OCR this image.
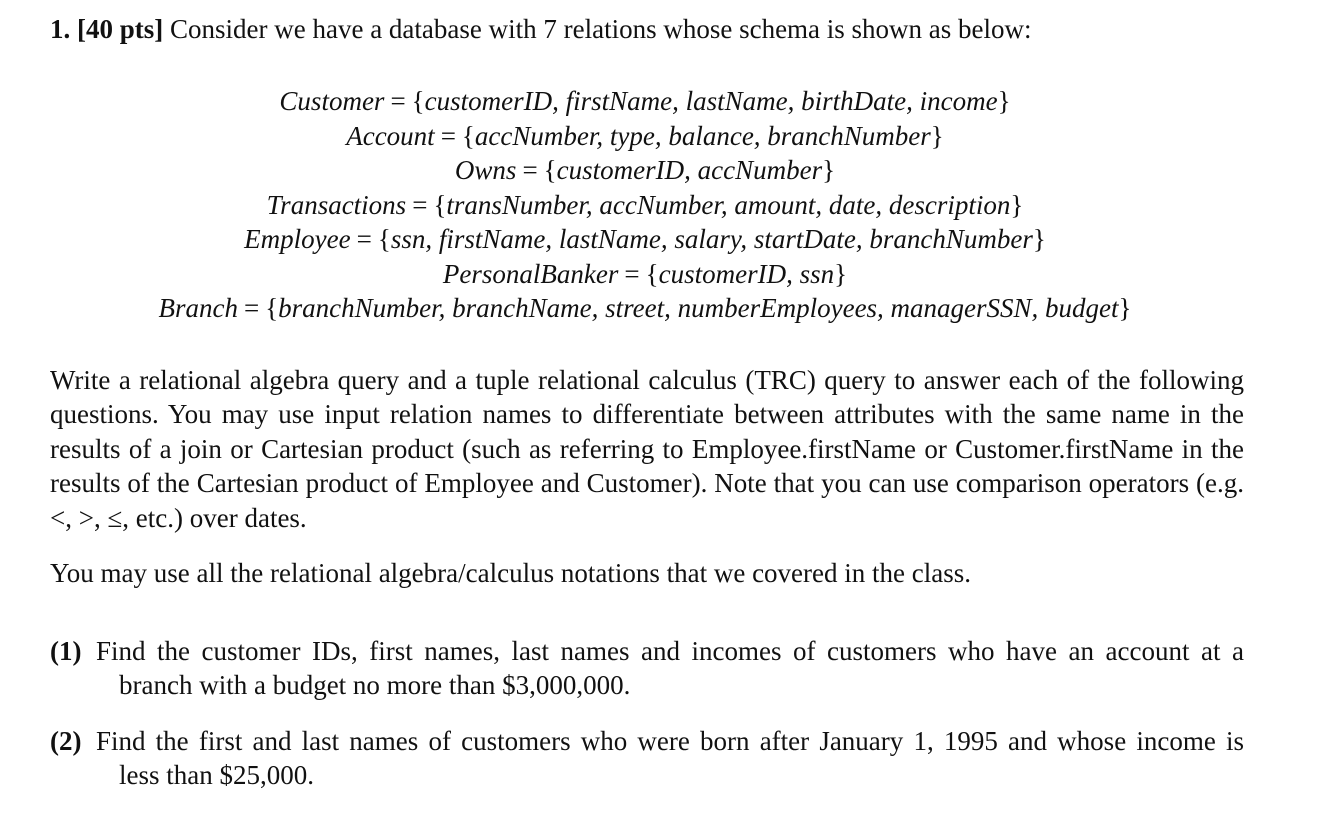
1. [40 pts] Consider we have a database with 7 relations whose schema is shown as below:
Customer = {customerID, firstName, lastName, birthDate, income}
Account = {accNumber, type, balance, branchNumber}
Owns = {customerID, accNumber}
Transactions = {transNumber, accNumber, amount, date, description}
Employee = {ssn, firstName, lastName, salary, startDate, branchNumber}
PersonalBanker = {customerID, ssn}
Branch = {branchNumber, branchName, street, numberEmployees, managerSSN, budget}
Write a relational algebra query and a tuple relational calculus (TRC) query to answer each of the following questions. You may use input relation names to differentiate between attributes with the same name in the results of a join or Cartesian product (such as referring to Employee.firstName or Customer.firstName in the results of the Cartesian product of Employee and Customer). Note that you can use comparison operators (e.g. <, >, ≤, etc.) over dates.
You may use all the relational algebra/calculus notations that we covered in the class.
(1) Find the customer IDs, first names, last names and incomes of customers who have an account at a
branch with a budget no more than $3,000,000.
(2) Find the first and last names of customers who were born after January 1, 1995 and whose income is
less than $25,000.
